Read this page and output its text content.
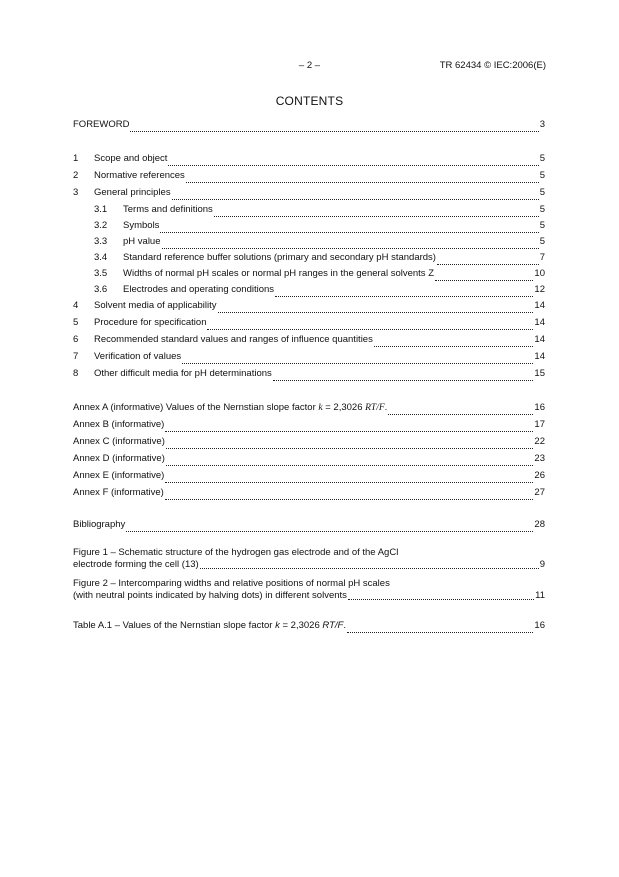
– 2 –	TR 62434 © IEC:2006(E)
CONTENTS
FOREWORD	3
1	Scope and object	5
2	Normative references	5
3	General principles	5
3.1	Terms and definitions	5
3.2	Symbols	5
3.3	pH value	5
3.4	Standard reference buffer solutions (primary and secondary pH standards)	7
3.5	Widths of normal pH scales or normal pH ranges in the general solvents Z	10
3.6	Electrodes and operating conditions	12
4	Solvent media of applicability	14
5	Procedure for specification	14
6	Recommended standard values and ranges of influence quantities	14
7	Verification of values	14
8	Other difficult media for pH determinations	15
Annex A (informative) Values of the Nernstian slope factor k = 2,3026 RT/F.	16
Annex B (informative)	17
Annex C (informative)	22
Annex D (informative)	23
Annex E (informative)	26
Annex F (informative)	27
Bibliography	28
Figure 1 – Schematic structure of the hydrogen gas electrode and of the AgCl
electrode forming the cell (13)	9
Figure 2 – Intercomparing widths and relative positions of normal pH scales
(with neutral points indicated by halving dots) in different solvents	11
Table A.1 – Values of the Nernstian slope factor k = 2,3026 RT/F.	16
